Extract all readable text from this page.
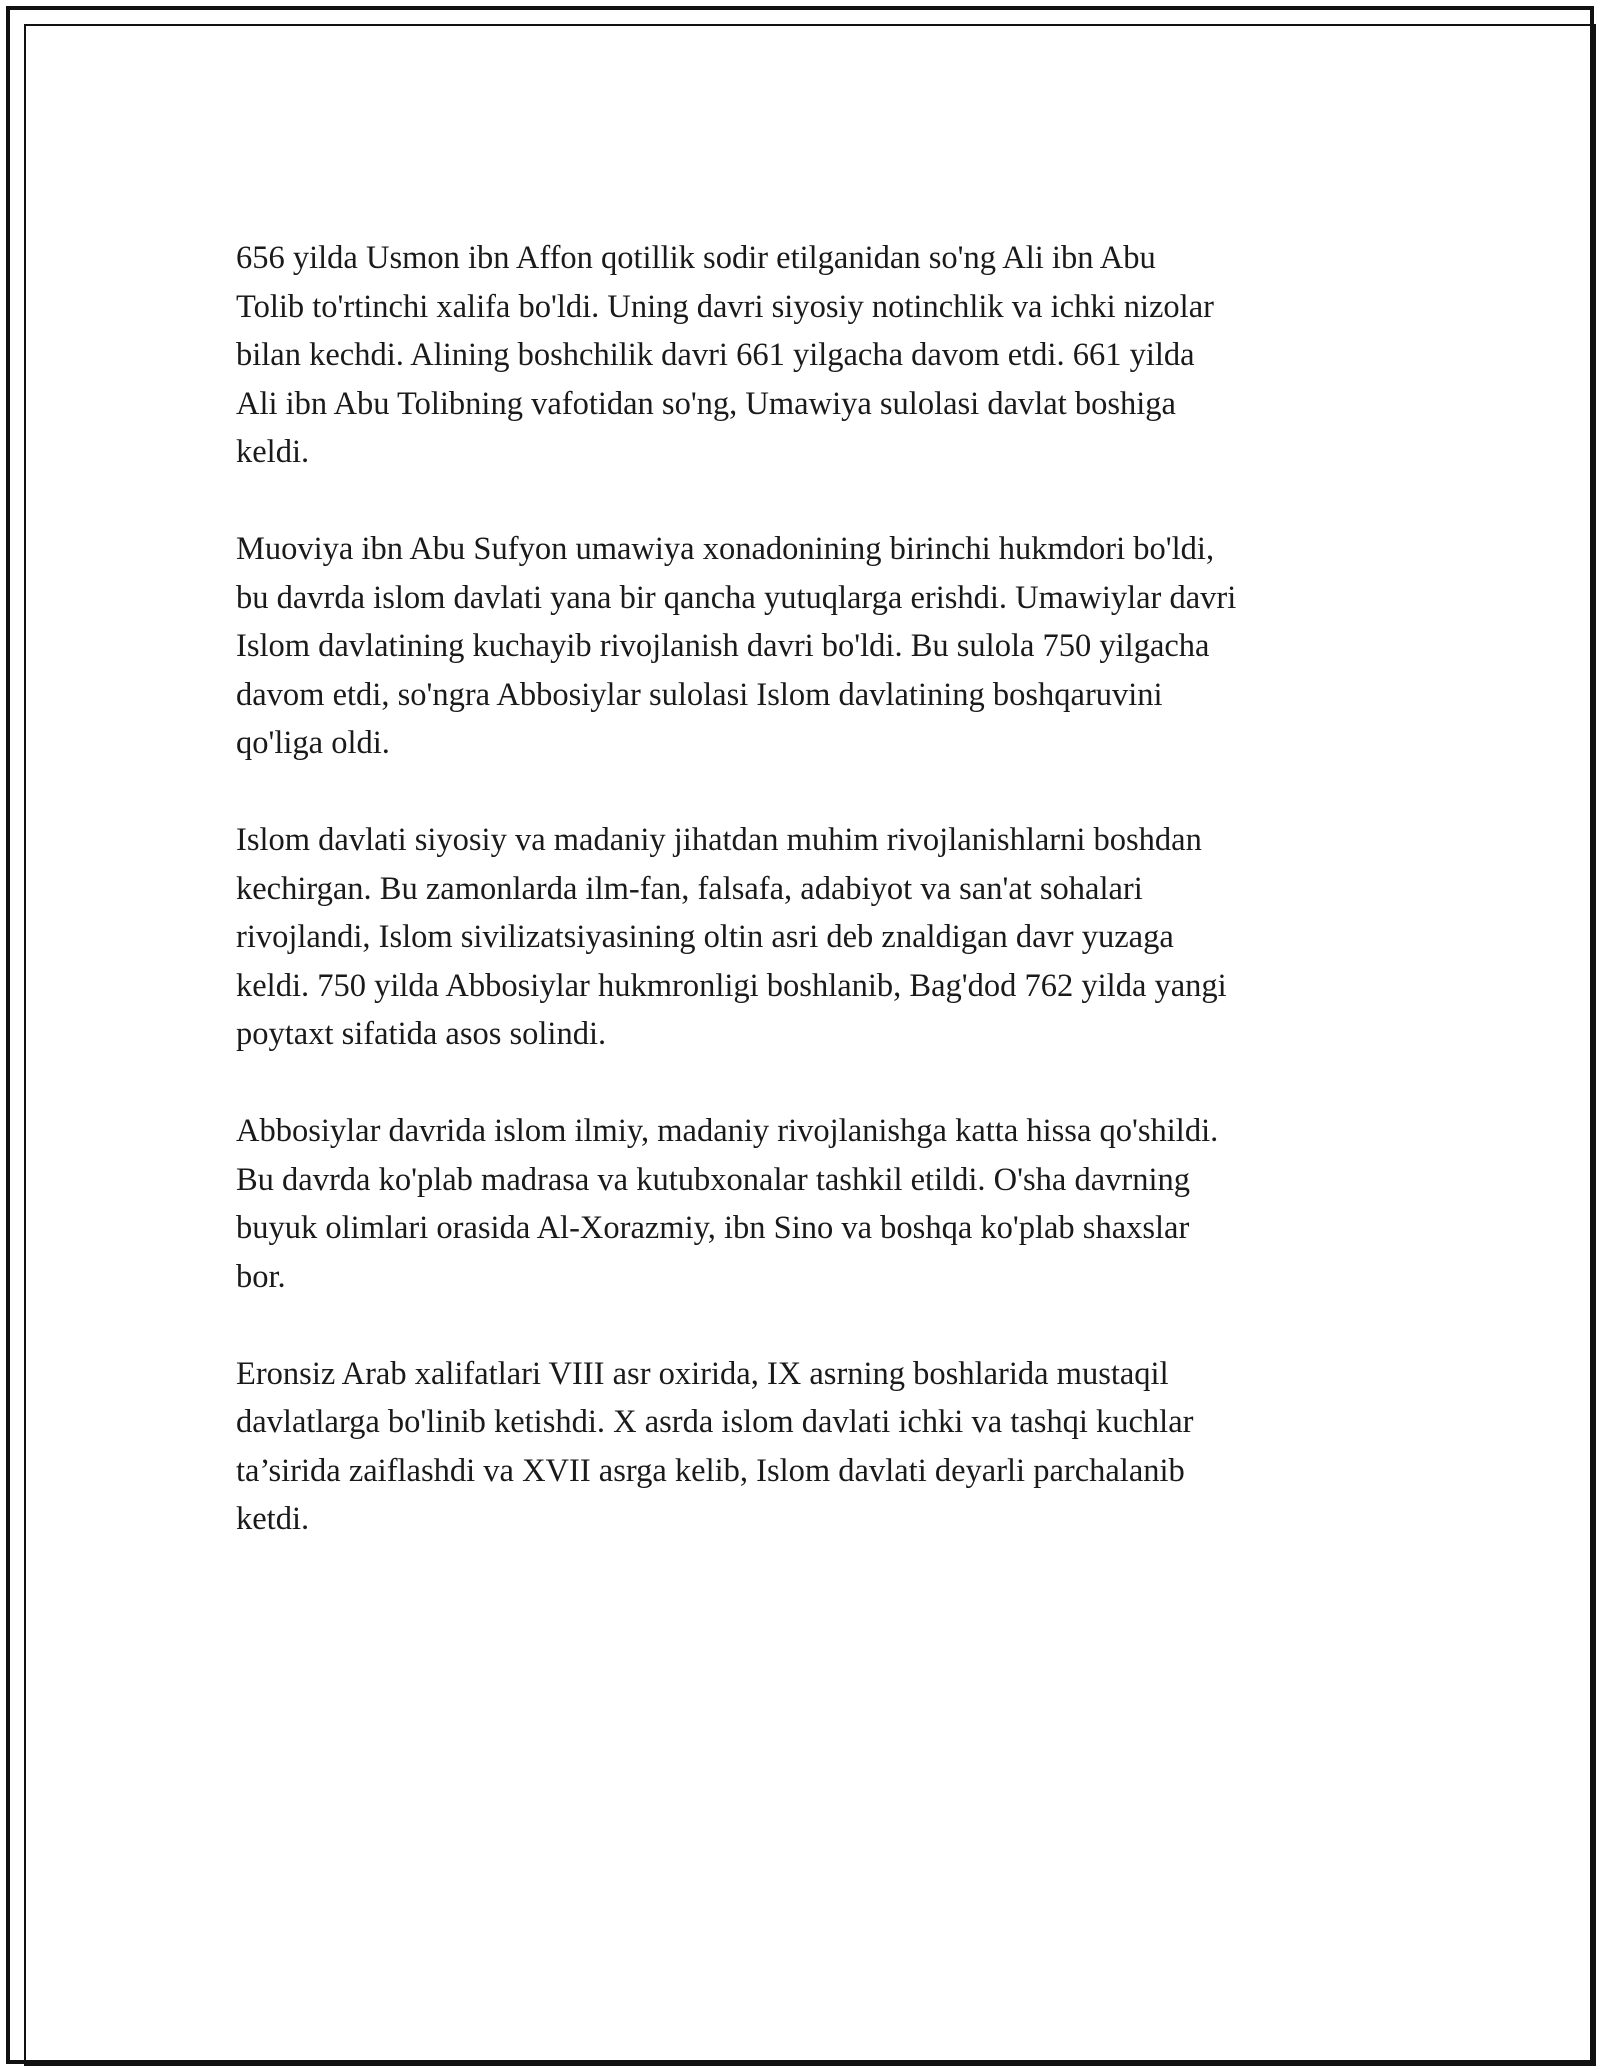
656 yilda Usmon ibn Affon qotillik sodir etilganidan so'ng Ali ibn Abu
Tolib to'rtinchi xalifa bo'ldi. Uning davri siyosiy notinchlik va ichki nizolar
bilan kechdi. Alining boshchilik davri 661 yilgacha davom etdi. 661 yilda
Ali ibn Abu Tolibning vafotidan so'ng, Umawiya sulolasi davlat boshiga
keldi.

Muoviya ibn Abu Sufyon umawiya xonadonining birinchi hukmdori bo'ldi,
bu davrda islom davlati yana bir qancha yutuqlarga erishdi. Umawiylar davri
Islom davlatining kuchayib rivojlanish davri bo'ldi. Bu sulola 750 yilgacha
davom etdi, so'ngra Abbosiylar sulolasi Islom davlatining boshqaruvini
qo'liga oldi.

Islom davlati siyosiy va madaniy jihatdan muhim rivojlanishlarni boshdan
kechirgan. Bu zamonlarda ilm-fan, falsafa, adabiyot va san'at sohalari
rivojlandi, Islom sivilizatsiyasining oltin asri deb znaldigan davr yuzaga
keldi. 750 yilda Abbosiylar hukmronligi boshlanib, Bag'dod 762 yilda yangi
poytaxt sifatida asos solindi.

Abbosiylar davrida islom ilmiy, madaniy rivojlanishga katta hissa qo'shildi.
Bu davrda ko'plab madrasa va kutubxonalar tashkil etildi. O'sha davrning
buyuk olimlari orasida Al-Xorazmiy, ibn Sino va boshqa ko'plab shaxslar
bor.

Eronsiz Arab xalifatlari VIII asr oxirida, IX asrning boshlarida mustaqil
davlatlarga bo'linib ketishdi. X asrda islom davlati ichki va tashqi kuchlar
ta’sirida zaiflashdi va XVII asrga kelib, Islom davlati deyarli parchalanib
ketdi.
